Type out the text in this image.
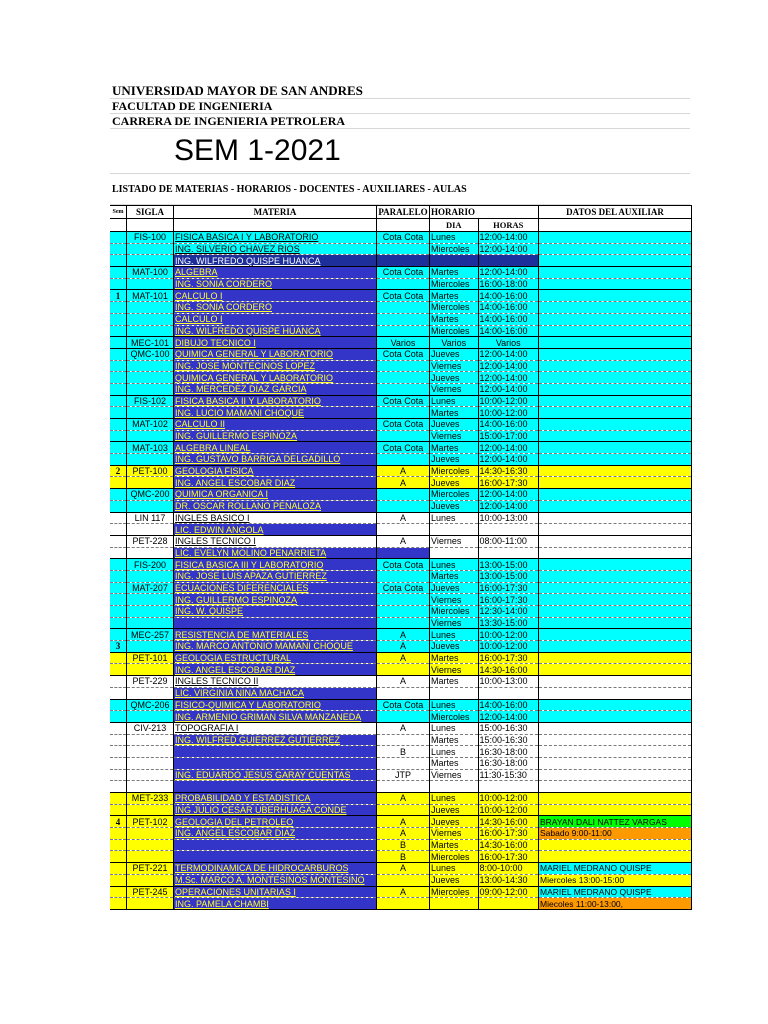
UNIVERSIDAD MAYOR DE SAN ANDRES
FACULTAD DE INGENIERIA
CARRERA DE INGENIERIA PETROLERA
SEM 1-2021
LISTADO DE MATERIAS - HORARIOS - DOCENTES - AUXILIARES - AULAS
Sem	SIGLA	MATERIA	PARALELO	HORARIO		DATOS DEL AUXILIAR
				DIA	HORAS	
	FIS-100	FISICA BASICA I Y LABORATORIO	Cota Cota	Lunes	12:00-14:00	
		ING. SILVERIO CHAVEZ RIOS		Miercoles	12:00-14:00	
		ING. WILFREDO QUISPE HUANCA				
	MAT-100	ALGEBRA	Cota Cota	Martes	12:00-14:00	
		ING. SONIA CORDERO		Miercoles	16:00-18:00	
1	MAT-101	CALCULO I	Cota Cota	Martes	14:00-16:00	
		ING. SONIA CORDERO		Miercoles	14:00-16:00	
		CALCULO I		Martes	14:00-16:00	
		ING. WILFREDO QUISPE HUANCA		Miercoles	14:00-16:00	
	MEC-101	DIBUJO TECNICO I	Varios	Varios	Varios	
	QMC-100	QUIMICA GENERAL Y LABORATORIO	Cota Cota	Jueves	12:00-14:00	
		ING. JOSE MONTECINOS LOPEZ		Viernes	12:00-14:00	
		QUIMICA GENERAL Y LABORATORIO		Jueves	12:00-14:00	
		ING. MERCEDEZ DIAZ GARCIA		Viernes	12:00-14:00	
	FIS-102	FISICA BASICA II Y LABORATORIO	Cota Cota	Lunes	10:00-12:00	
		ING. LUCIO MAMANI CHOQUE		Martes	10:00-12:00	
	MAT-102	CALCULO II	Cota Cota	Jueves	14:00-16:00	
		ING. GUILLERMO ESPINOZA		Viernes	15:00-17:00	
	MAT-103	ALGEBRA LINEAL	Cota Cota	Martes	12:00-14:00	
		ING. GUSTAVO BARRIGA DELGADILLO		Jueves	12:00-14:00	
2	PET-100	GEOLOGIA FISICA	A	Miercoles	14:30-16:30	
		ING. ANGEL ESCOBAR DIAZ	A	Jueves	16:00-17:30	
	QMC-200	QUIMICA ORGANICA I		Miercoles	12:00-14:00	
		DR. OSCAR ROLLANO PENALOZA		Jueves	12:00-14:00	
	LIN 117	INGLES BASICO I	A	Lunes	10:00-13:00	
		LIC. EDWIN ANGOLA				
	PET-228	INGLES TECNICO I	A	Viernes	08:00-11:00	
		LIC. EVELYN MOLINO PENARRIETA				
	FIS-200	FISICA BASICA III Y LABORATORIO	Cota Cota	Lunes	13:00-15:00	
		ING. JOSE LUIS APAZA GUTIERREZ		Martes	13:00-15:00	
	MAT-207	ECUACIONES DIFERENCIALES	Cota Cota	Jueves	16:00-17:30	
		ING. GUILLERMO ESPINOZA		Viernes	16:00-17:30	
		ING. W. QUISPE		Miercoles	12:30-14:00	
				Viernes	13:30-15:00	
	MEC-257	RESISTENCIA DE MATERIALES	A	Lunes	10:00-12:00	
3		ING. MARCO ANTONIO MAMANI CHOQUE	A	Jueves	10:00-12:00	
	PET-101	GEOLOGIA ESTRUCTURAL	A	Martes	16:00-17:30	
		ING. ANGEL ESCOBAR DIAZ		Viernes	14:30-16:00	
	PET-229	INGLES TECNICO II	A	Martes	10:00-13:00	
		LIC. VIRGINIA NINA MACHACA				
	QMC-206	FISICO-QUIMICA Y LABORATORIO	Cota Cota	Lunes	14:00-16:00	
		ING. ARMENIO GRIMAN SILVA MANZANEDA		Miercoles	12:00-14:00	
	CIV-213	TOPOGRAFIA I	A	Lunes	15:00-16:30	
		ING. WILFRED GUIERREZ GUTIERREZ		Martes	15:00-16:30	
			B	Lunes	16:30-18:00	
				Martes	16:30-18:00	
		ING. EDUARDO JESUS GARAY CUENTAS	JTP	Viernes	11:30-15:30	

	MET-233	PROBABILIDAD Y ESTADISTICA	A	Lunes	10:00-12:00	
		ING JULIO CESAR UBERHUAGA CONDE		Jueves	10:00-12:00	
4	PET-102	GEOLOGIA DEL PETROLEO	A	Jueves	14:30-16:00	BRAYAN DALI NATTEZ VARGAS
		ING. ANGEL ESCOBAR DIAZ	A	Viernes	16:00-17:30	Sabado 9:00-11:00
			B	Martes	14:30-16:00	
			B	Miercoles	16:00-17:30	
	PET-221	TERMODINAMICA DE HIDROCARBUROS	A	Lunes	8:00-10:00	MARIEL MEDRANO QUISPE
		M.Sc. MARCO A. MONTESINOS MONTESINO		Jueves	13:00-14:30	Miercoles 13:00-15:00
	PET-245	OPERACIONES UNITARIAS I	A	Miercoles	09:00-12:00	MARIEL MEDRANO QUISPE
		ING. PAMELA CHAMBI				Miecoles 11:00-13:00,
